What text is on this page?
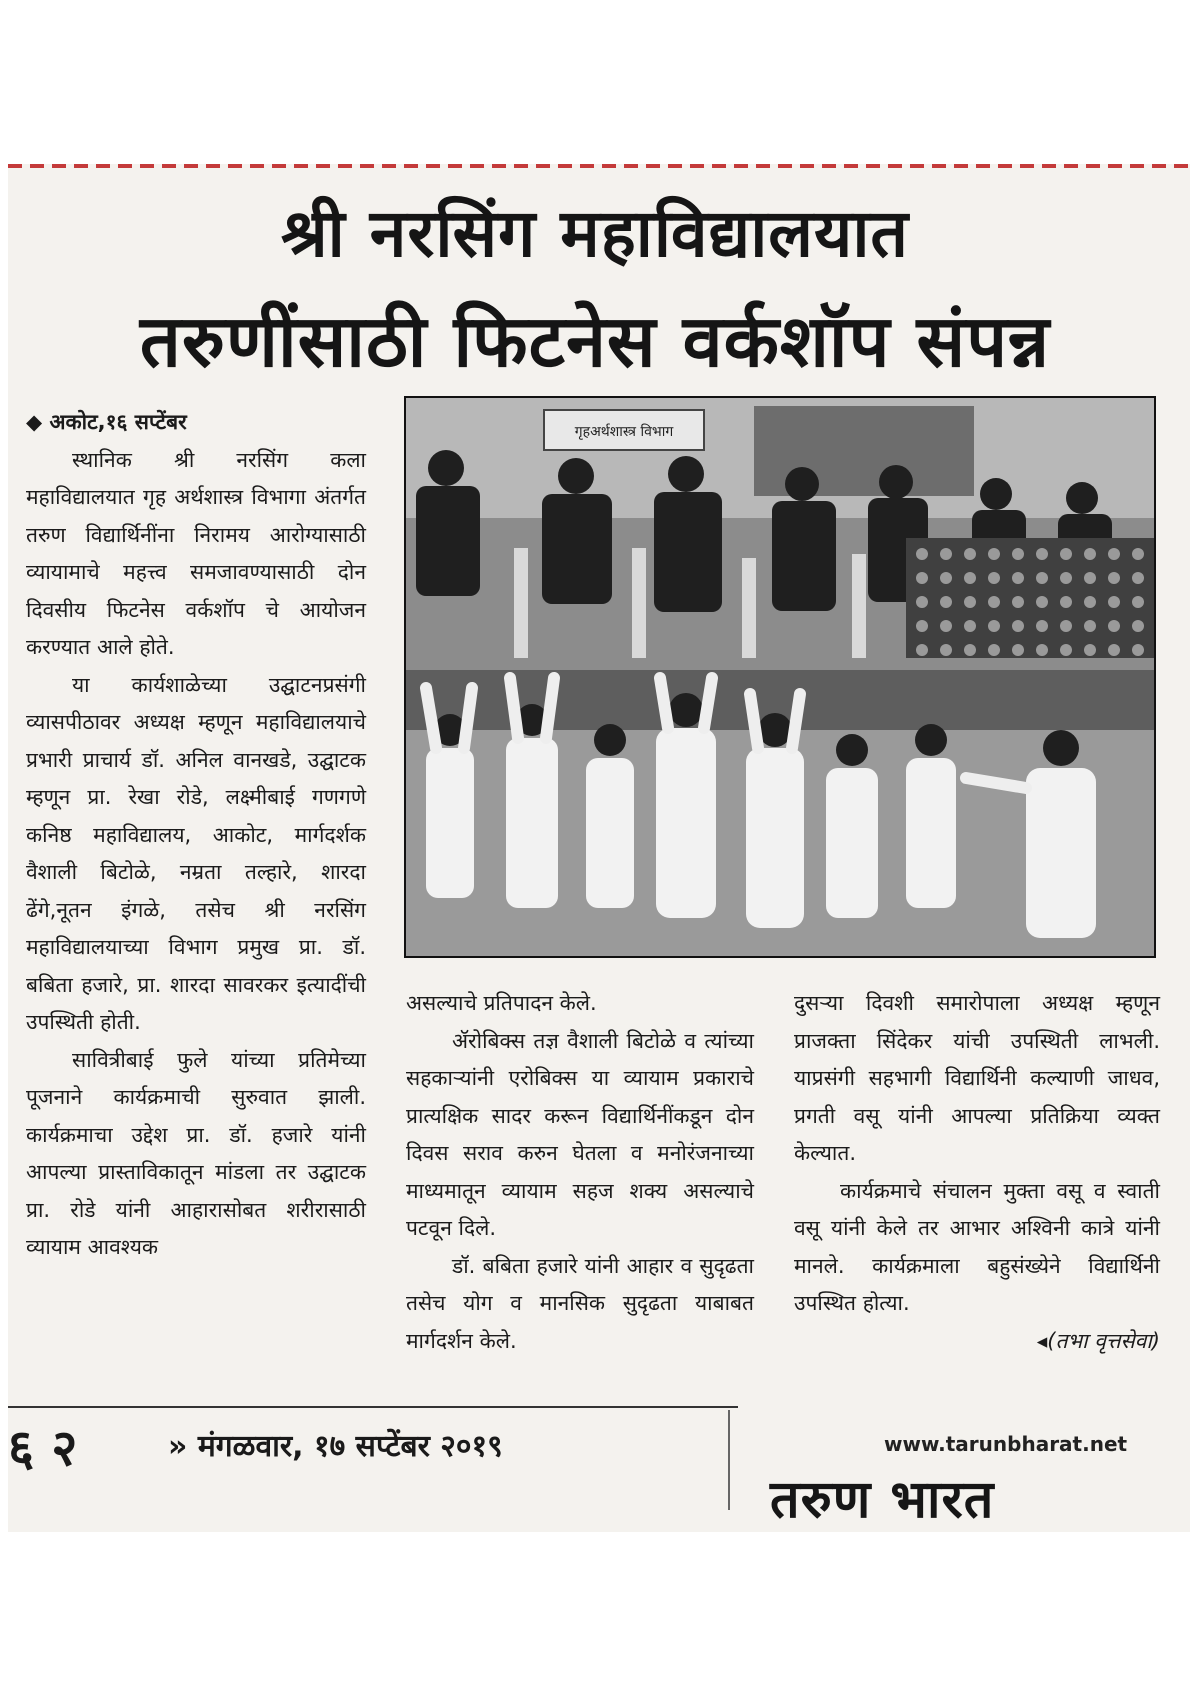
श्री नरसिंग महाविद्यालयात
तरुणींसाठी फिटनेस वर्कशॉप संपन्न

◆ अकोट,१६ सप्टेंबर

स्थानिक श्री नरसिंग कला महाविद्यालयात गृह अर्थशास्त्र विभागा अंतर्गत तरुण विद्यार्थिनींना निरामय आरोग्यासाठी व्यायामाचे महत्त्व समजावण्यासाठी दोन दिवसीय फिटनेस वर्कशॉप चे आयोजन करण्यात आले होते.

या कार्यशाळेच्या उद्घाटनप्रसंगी व्यासपीठावर अध्यक्ष म्हणून महाविद्यालयाचे प्रभारी प्राचार्य डॉ. अनिल वानखडे, उद्घाटक म्हणून प्रा. रेखा रोडे, लक्ष्मीबाई गणगणे कनिष्ठ महाविद्यालय, आकोट, मार्गदर्शक वैशाली बिटोळे, नम्रता तल्हारे, शारदा ढेंगे,नूतन इंगळे, तसेच श्री नरसिंग महाविद्यालयाच्या विभाग प्रमुख प्रा. डॉ. बबिता हजारे, प्रा. शारदा सावरकर इत्यादींची उपस्थिती होती.

सावित्रीबाई फुले यांच्या प्रतिमेच्या पूजनाने कार्यक्रमाची सुरुवात झाली. कार्यक्रमाचा उद्देश प्रा. डॉ. हजारे यांनी आपल्या प्रास्ताविकातून मांडला तर उद्घाटक प्रा. रोडे यांनी आहारासोबत शरीरासाठी व्यायाम आवश्यक

गृहअर्थशास्त्र विभाग

असल्याचे प्रतिपादन केले.

ॲरोबिक्स तज्ञ वैशाली बिटोळे व त्यांच्या सहकाऱ्यांनी एरोबिक्स या व्यायाम प्रकाराचे प्रात्यक्षिक सादर करून विद्यार्थिनींकडून दोन दिवस सराव करुन घेतला व मनोरंजनाच्या माध्यमातून व्यायाम सहज शक्य असल्याचे पटवून दिले.

डॉ. बबिता हजारे यांनी आहार व सुदृढता तसेच योग व मानसिक सुदृढता याबाबत मार्गदर्शन केले.

दुसऱ्या दिवशी समारोपाला अध्यक्ष म्हणून प्राजक्ता सिंदेकर यांची उपस्थिती लाभली. याप्रसंगी सहभागी विद्यार्थिनी कल्याणी जाधव, प्रगती वसू यांनी आपल्या प्रतिक्रिया व्यक्त केल्यात.

कार्यक्रमाचे संचालन मुक्ता वसू व स्वाती वसू यांनी केले तर आभार अश्विनी कात्रे यांनी मानले. कार्यक्रमाला बहुसंख्येने विद्यार्थिनी उपस्थित होत्या.

◂(तभा वृत्तसेवा)

६ २	» मंगळवार, १७ सप्टेंबर २०१९	www.tarunbharat.net
तरुण भारत
